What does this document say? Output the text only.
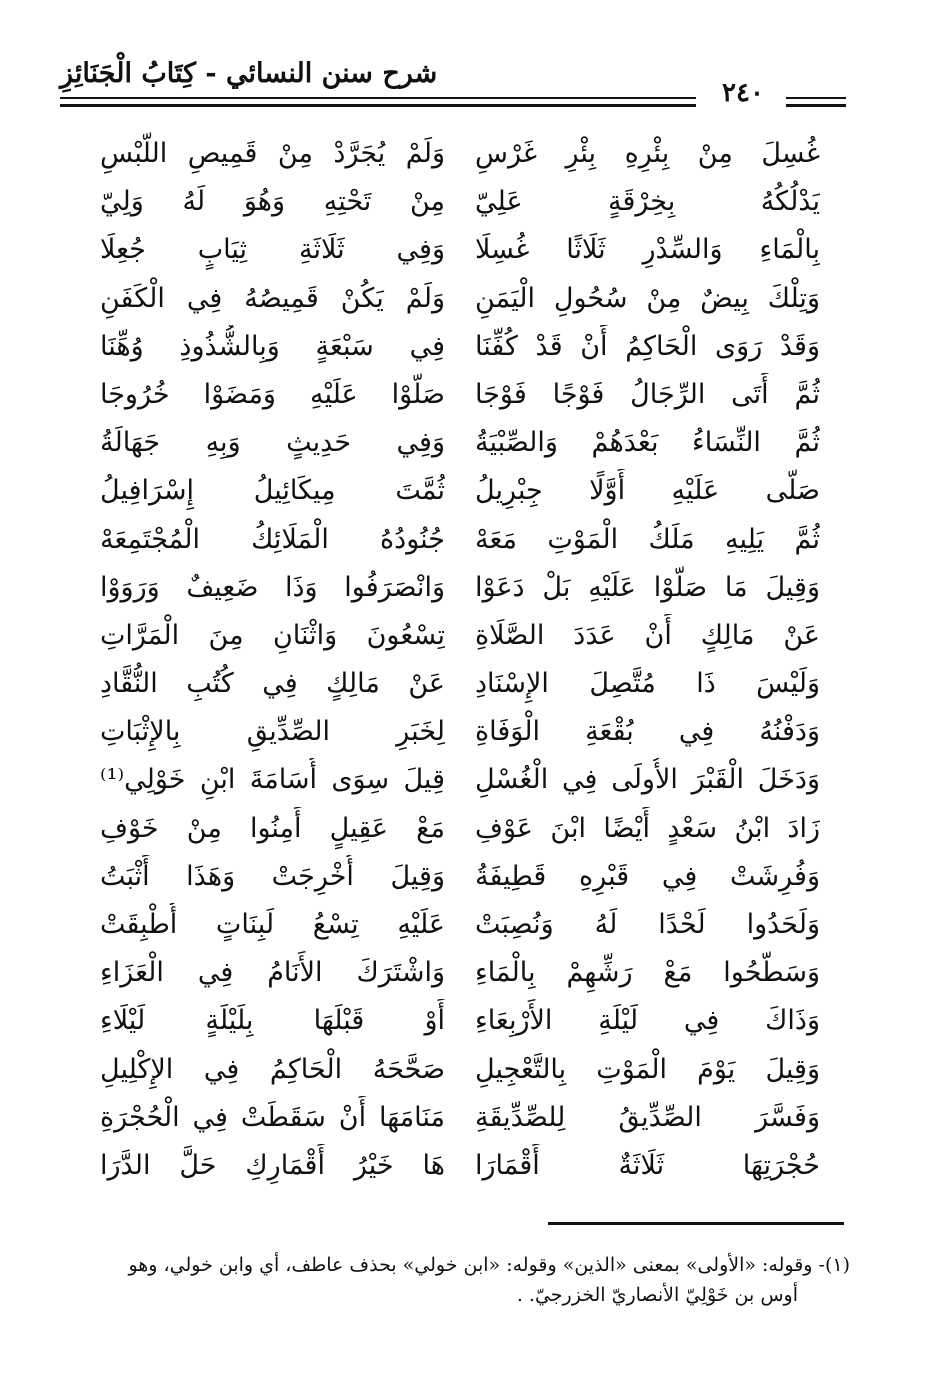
شرح سنن النسائي - كِتَابُ الْجَنَائِزِ
٢٤٠
غُسِلَ مِنْ بِئْرِهِ بِئْرِ غَرْسِ
وَلَمْ يُجَرَّدْ مِنْ قَمِيصِ اللُّبْسِ
يَدْلُكُهُ بِخِرْقَةٍ عَلِيّ
مِنْ تَحْتِهِ وَهُوَ لَهُ وَلِيّ
بِالْمَاءِ وَالسِّدْرِ ثَلَاثًا غُسِلَا
وَفِي ثَلَاثَةِ ثِيَابٍ جُعِلَا
وَتِلْكَ بِيضٌ مِنْ سُحُولِ الْيَمَنِ
وَلَمْ يَكُنْ قَمِيصُهُ فِي الْكَفَنِ
وَقَدْ رَوَى الْحَاكِمُ أَنْ قَدْ كُفِّنَا
فِي سَبْعَةٍ وَبِالشُّذُوذِ وُهِّنَا
ثُمَّ أَتَى الرِّجَالُ فَوْجًا فَوْجَا
صَلَّوْا عَلَيْهِ وَمَضَوْا خُرُوجَا
ثُمَّ النِّسَاءُ بَعْدَهُمْ وَالصِّبْيَةُ
وَفِي حَدِيثٍ وَبِهِ جَهَالَةُ
صَلَّى عَلَيْهِ أَوَّلًا جِبْرِيلُ
ثُمَّتَ مِيكَائِيلُ إِسْرَافِيلُ
ثُمَّ يَلِيهِ مَلَكُ الْمَوْتِ مَعَهْ
جُنُودُهُ الْمَلَائِكُ الْمُجْتَمِعَهْ
وَقِيلَ مَا صَلَّوْا عَلَيْهِ بَلْ دَعَوْا
وَانْصَرَفُوا وَذَا ضَعِيفٌ وَرَوَوْا
عَنْ مَالِكٍ أَنْ عَدَدَ الصَّلَاةِ
تِسْعُونَ وَاثْنَانِ مِنَ الْمَرَّاتِ
وَلَيْسَ ذَا مُتَّصِلَ الإِسْنَادِ
عَنْ مَالِكٍ فِي كُتُبِ النُّقَّادِ
وَدَفْنُهُ فِي بُقْعَةِ الْوَفَاةِ
لِخَبَرِ الصِّدِّيقِ بِالإِثْبَاتِ
وَدَخَلَ الْقَبْرَ الأُولَى فِي الْغُسْلِ
قِيلَ سِوَى أُسَامَةَ ابْنِ خَوْلِي⁽¹⁾
زَادَ ابْنُ سَعْدٍ أَيْضًا ابْنَ عَوْفِ
مَعْ عَقِيلٍ أَمِنُوا مِنْ خَوْفِ
وَفُرِشَتْ فِي قَبْرِهِ قَطِيفَةُ
وَقِيلَ أُخْرِجَتْ وَهَذَا أَثْبَتُ
وَلَحَدُوا لَحْدًا لَهُ وَنُصِبَتْ
عَلَيْهِ تِسْعُ لَبِنَاتٍ أُطْبِقَتْ
وَسَطَّحُوا مَعْ رَشِّهِمْ بِالْمَاءِ
وَاشْتَرَكَ الأَنَامُ فِي الْعَزَاءِ
وَذَاكَ فِي لَيْلَةِ الأَرْبِعَاءِ
أَوْ قَبْلَهَا بِلَيْلَةٍ لَيْلَاءِ
وَقِيلَ يَوْمَ الْمَوْتِ بِالتَّعْجِيلِ
صَحَّحَهُ الْحَاكِمُ فِي الإِكْلِيلِ
وَفَسَّرَ الصِّدِّيقُ لِلصِّدِّيقَةِ
مَنَامَهَا أَنْ سَقَطَتْ فِي الْحُجْرَةِ
حُجْرَتِهَا ثَلَاثَةٌ أَقْمَارَا
هَا خَيْرُ أَقْمَارِكِ حَلَّ الدَّرَا
(١)- وقوله: «الأولى» بمعنى «الذين» وقوله: «ابن خولي» بحذف عاطف، أي وابن خولي، وهو
أوس بن خَوْلِيّ الأنصاريّ الخزرجيّ. .
